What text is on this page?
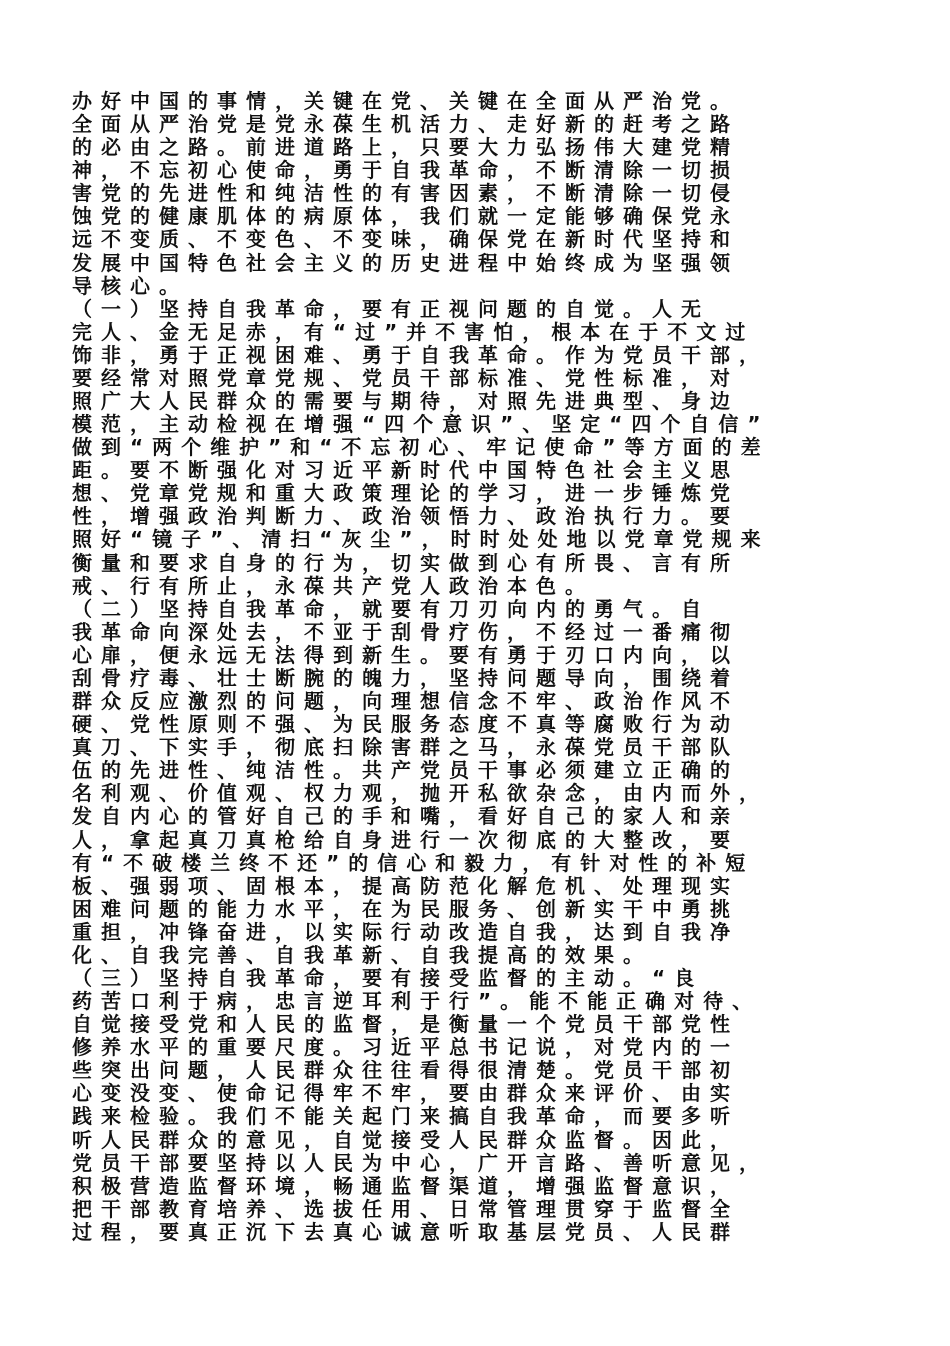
办好中国的事情，关键在党、关键在全面从严治党。
全面从严治党是党永葆生机活力、走好新的赶考之路
的必由之路。前进道路上，只要大力弘扬伟大建党精
神，不忘初心使命，勇于自我革命，不断清除一切损
害党的先进性和纯洁性的有害因素，不断清除一切侵
蚀党的健康肌体的病原体，我们就一定能够确保党永
远不变质、不变色、不变味，确保党在新时代坚持和
发展中国特色社会主义的历史进程中始终成为坚强领
导核心。
（一）坚持自我革命，要有正视问题的自觉。人无
完人、金无足赤，有“过”并不害怕，根本在于不文过
饰非，勇于正视困难、勇于自我革命。作为党员干部，
要经常对照党章党规、党员干部标准、党性标准，对
照广大人民群众的需要与期待，对照先进典型、身边
模范，主动检视在增强“四个意识”、坚定“四个自信”
做到“两个维护”和“不忘初心、牢记使命”等方面的差
距。要不断强化对习近平新时代中国特色社会主义思
想、党章党规和重大政策理论的学习，进一步锤炼党
性，增强政治判断力、政治领悟力、政治执行力。要
照好“镜子”、清扫“灰尘”，时时处处地以党章党规来
衡量和要求自身的行为，切实做到心有所畏、言有所
戒、行有所止，永葆共产党人政治本色。
（二）坚持自我革命，就要有刀刃向内的勇气。自
我革命向深处去，不亚于刮骨疗伤，不经过一番痛彻
心扉，便永远无法得到新生。要有勇于刃口内向，以
刮骨疗毒、壮士断腕的魄力，坚持问题导向，围绕着
群众反应激烈的问题，向理想信念不牢、政治作风不
硬、党性原则不强、为民服务态度不真等腐败行为动
真刀、下实手，彻底扫除害群之马，永葆党员干部队
伍的先进性、纯洁性。共产党员干事必须建立正确的
名利观、价值观、权力观，抛开私欲杂念，由内而外，
发自内心的管好自己的手和嘴，看好自己的家人和亲
人，拿起真刀真枪给自身进行一次彻底的大整改，要
有“不破楼兰终不还”的信心和毅力，有针对性的补短
板、强弱项、固根本，提高防范化解危机、处理现实
困难问题的能力水平，在为民服务、创新实干中勇挑
重担，冲锋奋进，以实际行动改造自我，达到自我净
化、自我完善、自我革新、自我提高的效果。
（三）坚持自我革命，要有接受监督的主动。“良
药苦口利于病，忠言逆耳利于行”。能不能正确对待、
自觉接受党和人民的监督，是衡量一个党员干部党性
修养水平的重要尺度。习近平总书记说，对党内的一
些突出问题，人民群众往往看得很清楚。党员干部初
心变没变、使命记得牢不牢，要由群众来评价、由实
践来检验。我们不能关起门来搞自我革命，而要多听
听人民群众的意见，自觉接受人民群众监督。因此，
党员干部要坚持以人民为中心，广开言路、善听意见，
积极营造监督环境，畅通监督渠道，增强监督意识，
把干部教育培养、选拔任用、日常管理贯穿于监督全
过程，要真正沉下去真心诚意听取基层党员、人民群
